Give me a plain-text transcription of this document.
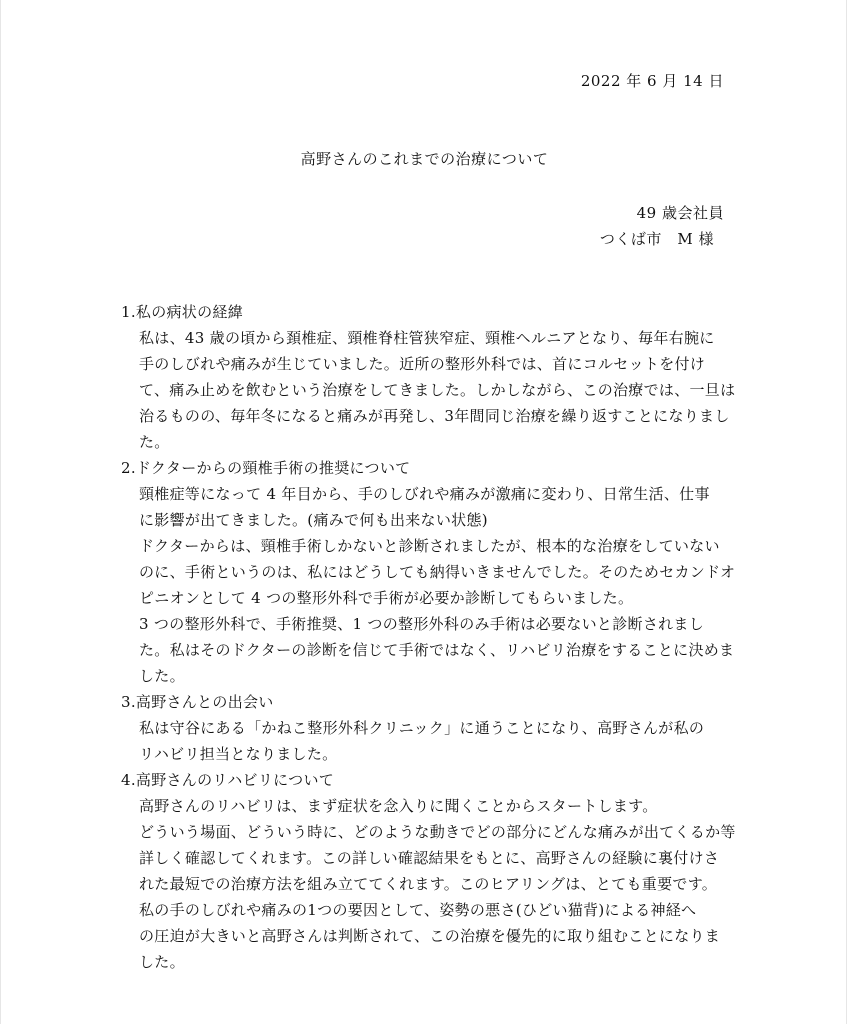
2022 年 6 月 14 日
高野さんのこれまでの治療について
49 歳会社員
つくば市　M 様
1.私の病状の経緯
私は、43 歳の頃から頚椎症、頸椎脊柱管狭窄症、頸椎ヘルニアとなり、毎年右腕に
手のしびれや痛みが生じていました。近所の整形外科では、首にコルセットを付け
て、痛み止めを飲むという治療をしてきました。しかしながら、この治療では、一旦は
治るものの、毎年冬になると痛みが再発し、3年間同じ治療を繰り返すことになりまし
た。
2.ドクターからの頸椎手術の推奨について
頸椎症等になって 4 年目から、手のしびれや痛みが激痛に変わり、日常生活、仕事
に影響が出てきました。(痛みで何も出来ない状態)
ドクターからは、頸椎手術しかないと診断されましたが、根本的な治療をしていない
のに、手術というのは、私にはどうしても納得いきませんでした。そのためセカンドオ
ピニオンとして 4 つの整形外科で手術が必要か診断してもらいました。
3 つの整形外科で、手術推奨、1 つの整形外科のみ手術は必要ないと診断されまし
た。私はそのドクターの診断を信じて手術ではなく、リハビリ治療をすることに決めま
した。
3.高野さんとの出会い
私は守谷にある「かねこ整形外科クリニック」に通うことになり、高野さんが私の
リハビリ担当となりました。
4.高野さんのリハビリについて
高野さんのリハビリは、まず症状を念入りに聞くことからスタートします。
どういう場面、どういう時に、どのような動きでどの部分にどんな痛みが出てくるか等
詳しく確認してくれます。この詳しい確認結果をもとに、高野さんの経験に裏付けさ
れた最短での治療方法を組み立ててくれます。このヒアリングは、とても重要です。
私の手のしびれや痛みの1つの要因として、姿勢の悪さ(ひどい猫背)による神経へ
の圧迫が大きいと高野さんは判断されて、この治療を優先的に取り組むことになりま
した。
